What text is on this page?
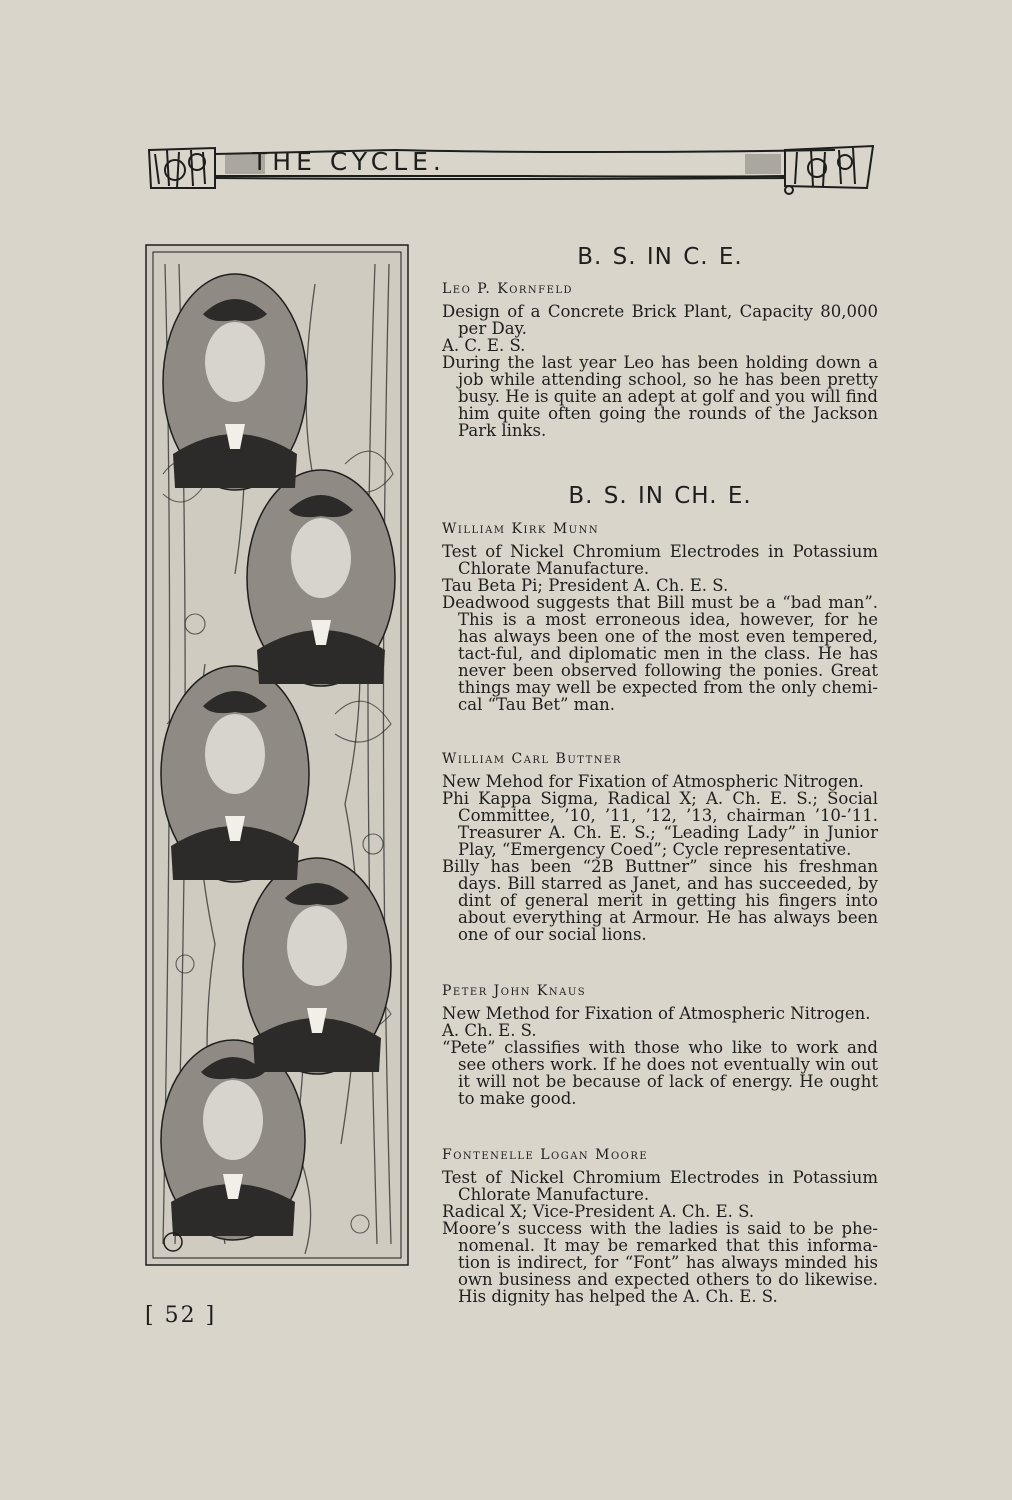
THE CYCLE.
B. S. IN C. E.
Leo P. Kornfeld

Design of a Concrete Brick Plant, Capacity 80,000 per Day.

A. C. E. S.

During the last year Leo has been holding down a job while attending school, so he has been pretty busy. He is quite an adept at golf and you will find him quite often going the rounds of the Jackson Park links.

B. S. IN CH. E.
William Kirk Munn

Test of Nickel Chromium Electrodes in Potassium Chlorate Manufacture.

Tau Beta Pi; President A. Ch. E. S.

Deadwood suggests that Bill must be a “bad man”. This is a most erroneous idea, however, for he has always been one of the most even tempered, tact-ful, and diplomatic men in the class. He has never been observed following the ponies. Great things may well be expected from the only chemi-cal “Tau Bet” man.

William Carl Buttner

New Mehod for Fixation of Atmospheric Nitrogen.

Phi Kappa Sigma, Radical X; A. Ch. E. S.; Social Committee, ’10, ’11, ’12, ’13, chairman ’10-’11. Treasurer A. Ch. E. S.; “Leading Lady” in Junior Play, “Emergency Coed”; Cycle representative.

Billy has been “2B Buttner” since his freshman days. Bill starred as Janet, and has succeeded, by dint of general merit in getting his fingers into about everything at Armour. He has always been one of our social lions.

Peter John Knaus

New Method for Fixation of Atmospheric Nitrogen.

A. Ch. E. S.

“Pete” classifies with those who like to work and see others work. If he does not eventually win out it will not be because of lack of energy. He ought to make good.

Fontenelle Logan Moore

Test of Nickel Chromium Electrodes in Potassium Chlorate Manufacture.

Radical X; Vice-President A. Ch. E. S.

Moore’s success with the ladies is said to be phe-nomenal. It may be remarked that this informa-tion is indirect, for “Font” has always minded his own business and expected others to do likewise. His dignity has helped the A. Ch. E. S.

[ 52 ]
